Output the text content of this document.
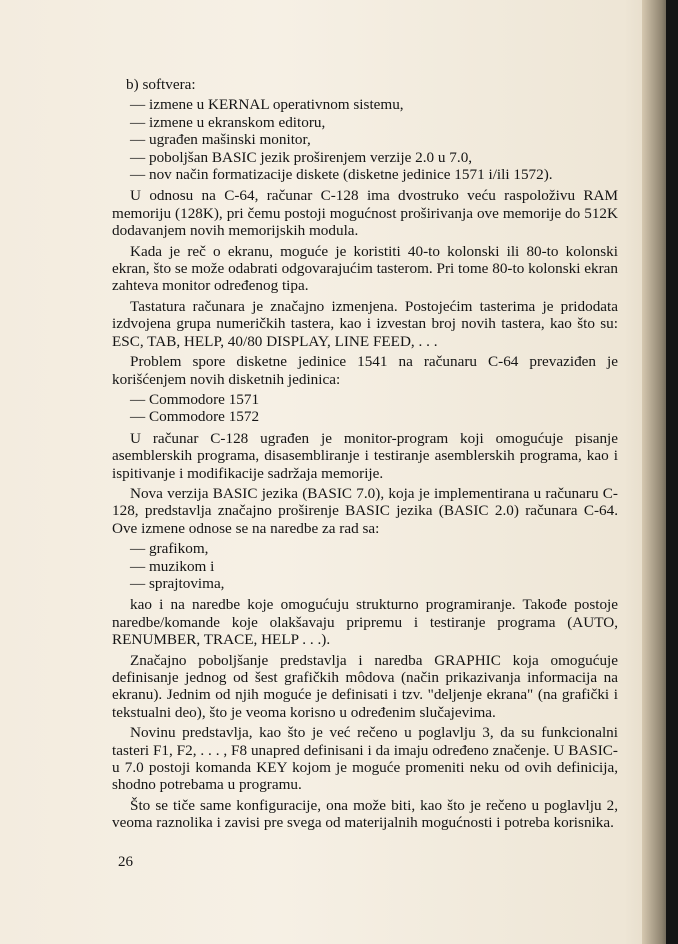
b) softvera:

— izmene u KERNAL operativnom sistemu,
— izmene u ekranskom editoru,
— ugrađen mašinski monitor,
— poboljšan BASIC jezik proširenjem verzije 2.0 u 7.0,
— nov način formatizacije diskete (disketne jedinice 1571 i/ili 1572).

U odnosu na C-64, računar C-128 ima dvostruko veću raspoloživu RAM memoriju (128K), pri čemu postoji mogućnost proširivanja ove memorije do 512K dodavanjem novih memorijskih modula.

Kada je reč o ekranu, moguće je koristiti 40-to kolonski ili 80-to kolonski ekran, što se može odabrati odgovarajućim tasterom. Pri tome 80-to kolonski ekran zahteva monitor određenog tipa.

Tastatura računara je značajno izmenjena. Postojećim tasterima je pridodata izdvojena grupa numeričkih tastera, kao i izvestan broj novih tastera, kao što su: ESC, TAB, HELP, 40/80 DISPLAY, LINE FEED, . . .

Problem spore disketne jedinice 1541 na računaru C-64 prevaziđen je korišćenjem novih disketnih jedinica:

— Commodore 1571
— Commodore 1572

U računar C-128 ugrađen je monitor-program koji omogućuje pisanje asemblerskih programa, disasembliranje i testiranje asemblerskih programa, kao i ispitivanje i modifikacije sadržaja memorije.

Nova verzija BASIC jezika (BASIC 7.0), koja je implementirana u računaru C-128, predstavlja značajno proširenje BASIC jezika (BASIC 2.0) računara C-64. Ove izmene odnose se na naredbe za rad sa:

— grafikom,
— muzikom i
— sprajtovima,

kao i na naredbe koje omogućuju strukturno programiranje. Takođe postoje naredbe/komande koje olakšavaju pripremu i testiranje programa (AUTO, RENUMBER, TRACE, HELP . . .).

Značajno poboljšanje predstavlja i naredba GRAPHIC koja omogućuje definisanje jednog od šest grafičkih môdova (način prikazivanja informacija na ekranu). Jednim od njih moguće je definisati i tzv. "deljenje ekrana" (na grafički i tekstualni deo), što je veoma korisno u određenim slučajevima.

Novinu predstavlja, kao što je već rečeno u poglavlju 3, da su funkcionalni tasteri F1, F2, . . . , F8 unapred definisani i da imaju određeno značenje. U BASIC-u 7.0 postoji komanda KEY kojom je moguće promeniti neku od ovih definicija, shodno potrebama u programu.

Što se tiče same konfiguracije, ona može biti, kao što je rečeno u poglavlju 2, veoma raznolika i zavisi pre svega od materijalnih mogućnosti i potreba korisnika.

26
